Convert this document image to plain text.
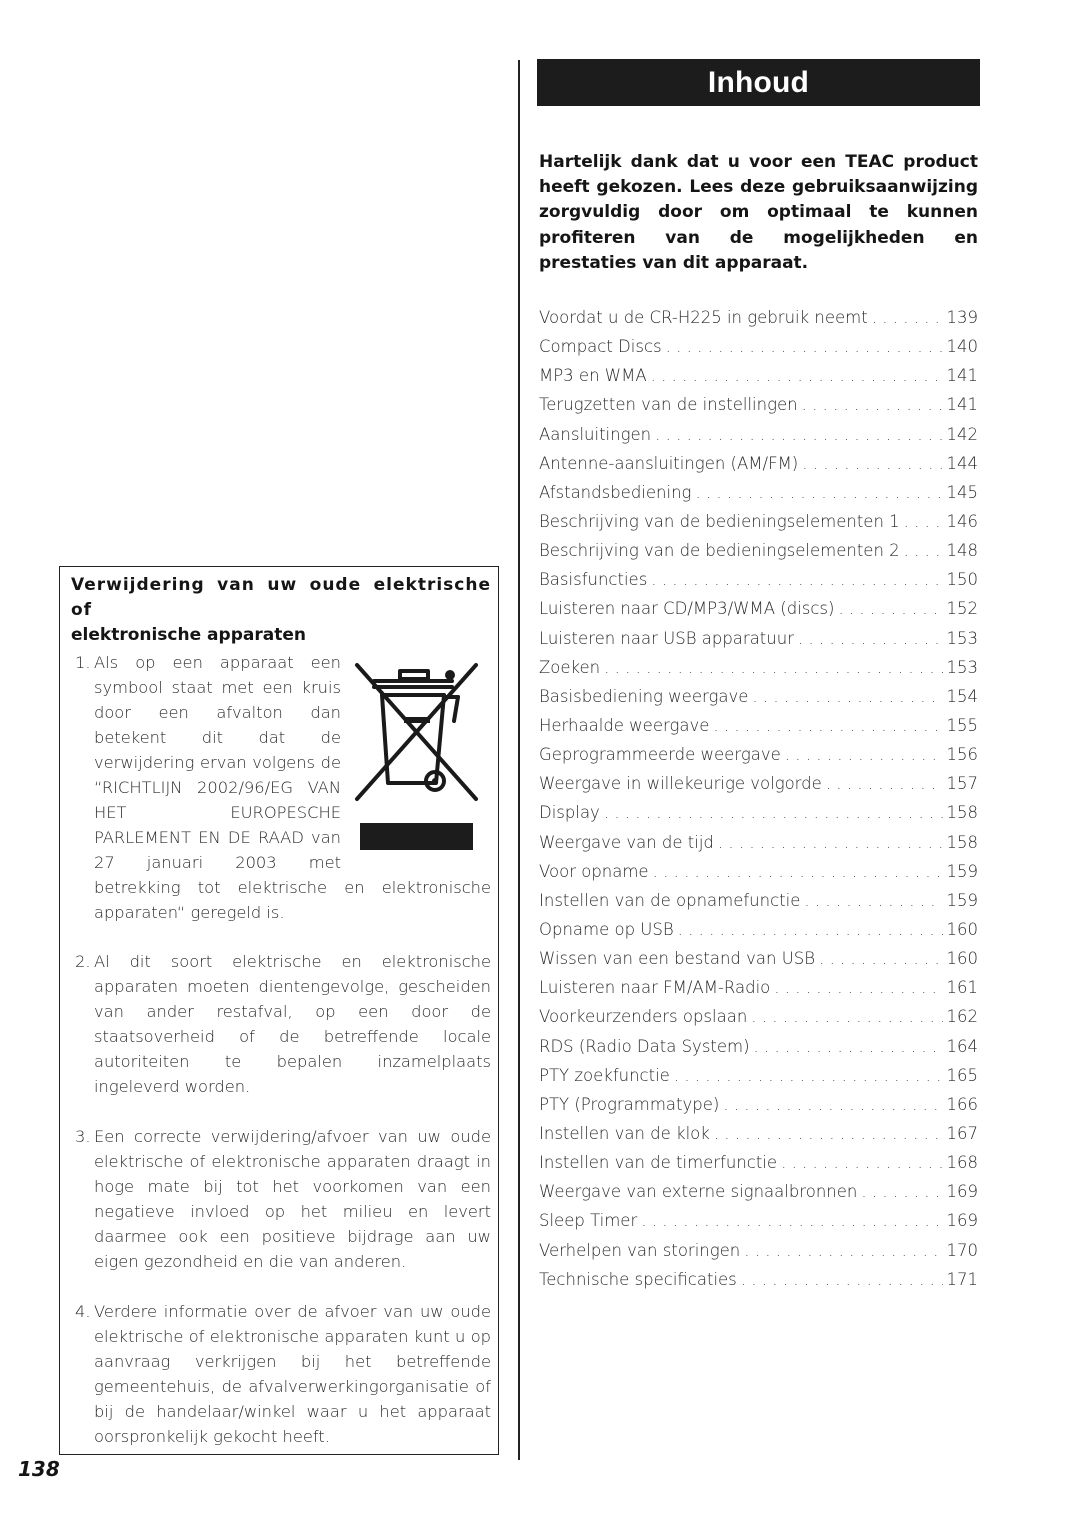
Inhoud
Hartelijk dank dat u voor een TEAC product heeft gekozen. Lees deze gebruiksaanwijzing zorgvuldig door om optimaal te kunnen profiteren van de mogelijkheden en prestaties van dit apparaat.
Voordat u de CR-H225 in gebruik neemt . . .	139
Compact Discs . . .	140
MP3 en WMA . . .	141
Terugzetten van de instellingen . . .	141
Aansluitingen . . .	142
Antenne-aansluitingen (AM/FM) . . .	144
Afstandsbediening . . .	145
Beschrijving van de bedieningselementen 1 . . .	146
Beschrijving van de bedieningselementen 2 . . .	148
Basisfuncties . . .	150
Luisteren naar CD/MP3/WMA (discs) . . .	152
Luisteren naar USB apparatuur . . .	153
Zoeken . . .	153
Basisbediening weergave . . .	154
Herhaalde weergave . . .	155
Geprogrammeerde weergave . . .	156
Weergave in willekeurige volgorde . . .	157
Display . . .	158
Weergave van de tijd . . .	158
Voor opname . . .	159
Instellen van de opnamefunctie . . .	159
Opname op USB . . .	160
Wissen van een bestand van USB . . .	160
Luisteren naar FM/AM-Radio . . .	161
Voorkeurzenders opslaan . . .	162
RDS (Radio Data System) . . .	164
PTY zoekfunctie . . .	165
PTY (Programmatype) . . .	166
Instellen van de klok . . .	167
Instellen van de timerfunctie . . .	168
Weergave van externe signaalbronnen . . .	169
Sleep Timer . . .	169
Verhelpen van storingen . . .	170
Technische specificaties . . .	171
Verwijdering van uw oude elektrische of
elektronische apparaten
1. Als op een apparaat een
symbool staat met een kruis
door een afvalton dan
betekent dit dat de
verwijdering ervan volgens de
“RICHTLIJN 2002/96/EG VAN
HET EUROPESCHE
PARLEMENT EN DE RAAD van
27 januari 2003 met
betrekking tot elektrische en elektronische apparaten“ geregeld is.
2. Al dit soort elektrische en elektronische apparaten moeten dientengevolge, gescheiden van ander restafval, op een door de staatsoverheid of de betreffende locale autoriteiten te bepalen inzamelplaats ingeleverd worden.
3. Een correcte verwijdering/afvoer van uw oude elektrische of elektronische apparaten draagt in hoge mate bij tot het voorkomen van een negatieve invloed op het milieu en levert daarmee ook een positieve bijdrage aan uw eigen gezondheid en die van anderen.
4. Verdere informatie over de afvoer van uw oude elektrische of elektronische apparaten kunt u op aanvraag verkrijgen bij het betreffende gemeentehuis, de afvalverwerkingorganisatie of bij de handelaar/winkel waar u het apparaat oorspronkelijk gekocht heeft.
138
